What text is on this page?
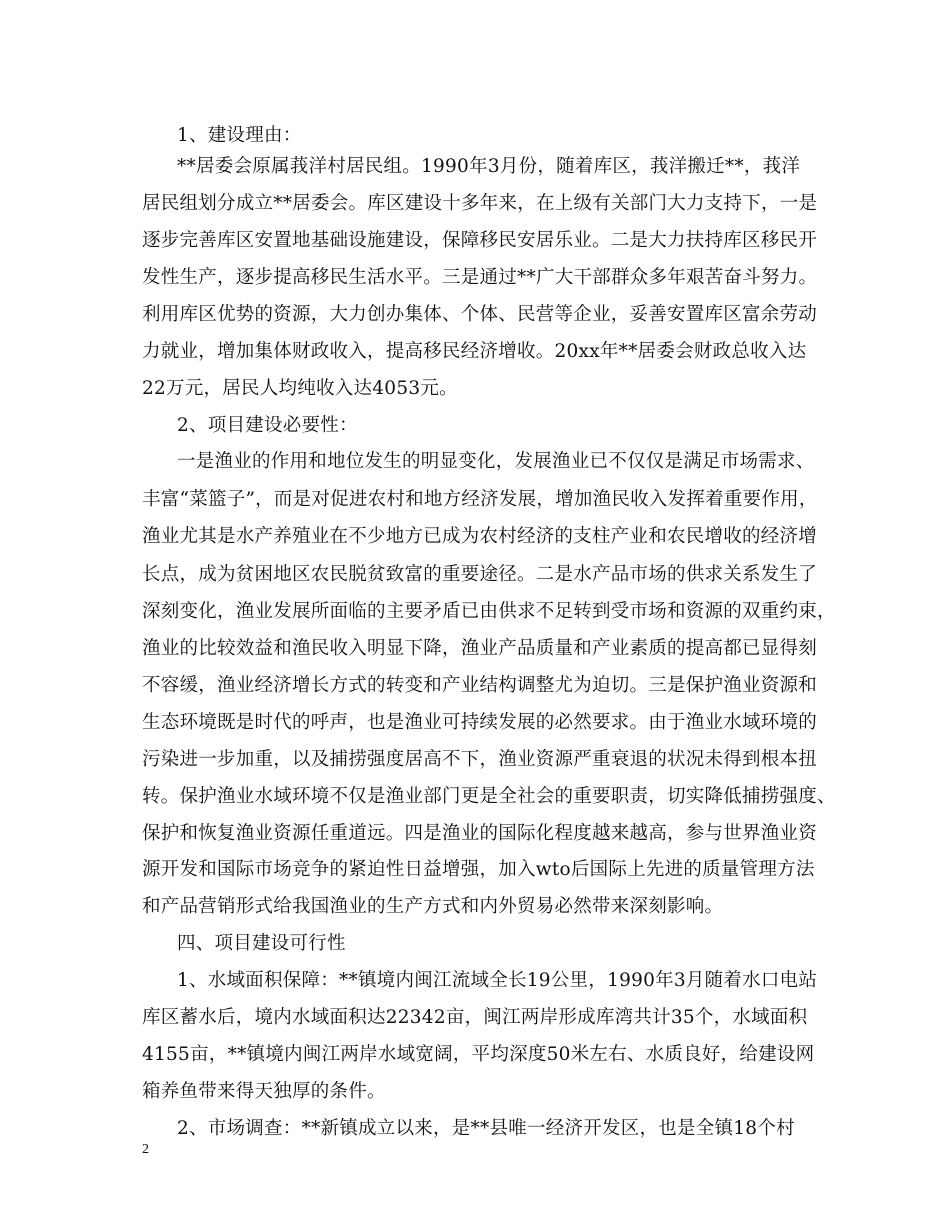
1、建设理由：
**居委会原属莪洋村居民组。1990年3月份，随着库区，莪洋搬迁**，莪洋
居民组划分成立**居委会。库区建设十多年来，在上级有关部门大力支持下，一是
逐步完善库区安置地基础设施建设，保障移民安居乐业。二是大力扶持库区移民开
发性生产，逐步提高移民生活水平。三是通过**广大干部群众多年艰苦奋斗努力。
利用库区优势的资源，大力创办集体、个体、民营等企业，妥善安置库区富余劳动
力就业，增加集体财政收入，提高移民经济增收。20xx年**居委会财政总收入达
22万元，居民人均纯收入达4053元。
2、项目建设必要性：
一是渔业的作用和地位发生的明显变化，发展渔业已不仅仅是满足市场需求、
丰富“菜篮子”，而是对促进农村和地方经济发展，增加渔民收入发挥着重要作用，
渔业尤其是水产养殖业在不少地方已成为农村经济的支柱产业和农民增收的经济增
长点，成为贫困地区农民脱贫致富的重要途径。二是水产品市场的供求关系发生了
深刻变化，渔业发展所面临的主要矛盾已由供求不足转到受市场和资源的双重约束，
渔业的比较效益和渔民收入明显下降，渔业产品质量和产业素质的提高都已显得刻
不容缓，渔业经济增长方式的转变和产业结构调整尤为迫切。三是保护渔业资源和
生态环境既是时代的呼声，也是渔业可持续发展的必然要求。由于渔业水域环境的
污染进一步加重，以及捕捞强度居高不下，渔业资源严重衰退的状况未得到根本扭
转。保护渔业水域环境不仅是渔业部门更是全社会的重要职责，切实降低捕捞强度、
保护和恢复渔业资源任重道远。四是渔业的国际化程度越来越高，参与世界渔业资
源开发和国际市场竞争的紧迫性日益增强，加入wto后国际上先进的质量管理方法
和产品营销形式给我国渔业的生产方式和内外贸易必然带来深刻影响。
四、项目建设可行性
1、水域面积保障：**镇境内闽江流域全长19公里，1990年3月随着水口电站
库区蓄水后，境内水域面积达22342亩，闽江两岸形成库湾共计35个，水域面积
4155亩，**镇境内闽江两岸水域宽阔，平均深度50米左右、水质良好，给建设网
箱养鱼带来得天独厚的条件。
2、市场调查：**新镇成立以来，是**县唯一经济开发区，也是全镇18个村
2
